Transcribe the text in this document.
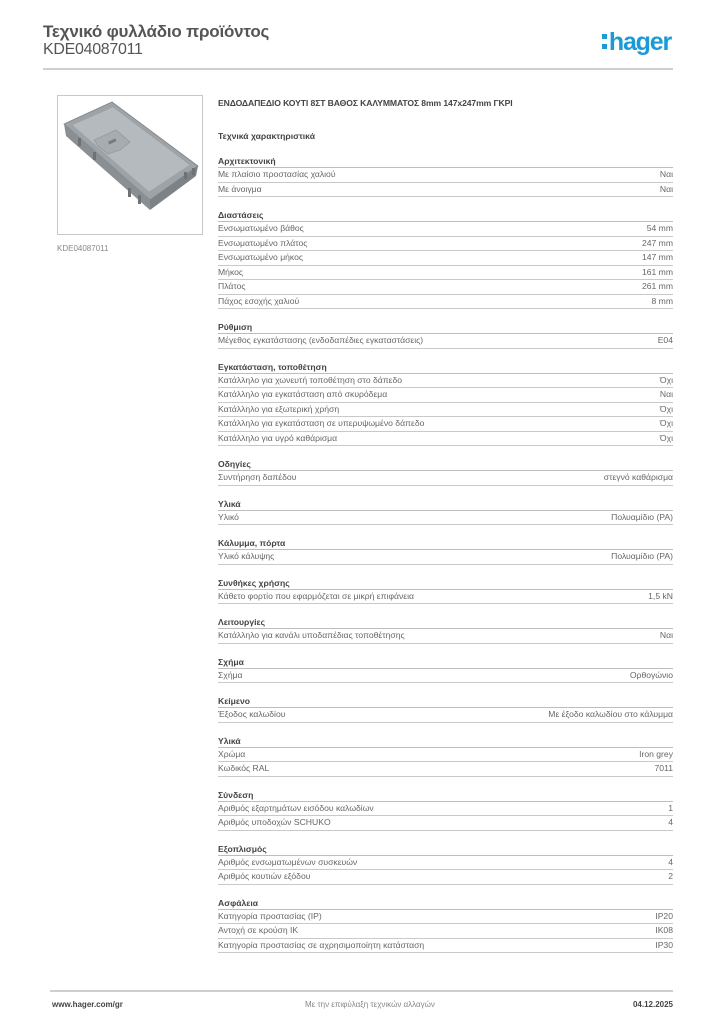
Τεχνικό φυλλάδιο προϊόντος
KDE04087011	hager
KDE04087011
ΕΝΔΟΔΑΠΕΔΙΟ ΚΟΥΤΙ 8ΣΤ ΒΑΘΟΣ ΚΑΛΥΜΜΑΤΟΣ 8mm 147x247mm ΓΚΡΙ
Τεχνικά χαρακτηριστικά
Αρχιτεκτονική
Με πλαίσιο προστασίας χαλιού	Ναι
Με άνοιγμα	Ναι
Διαστάσεις
Ενσωματωμένο βάθος	54 mm
Ενσωματωμένο πλάτος	247 mm
Ενσωματωμένο μήκος	147 mm
Μήκος	161 mm
Πλάτος	261 mm
Πάχος εσοχής χαλιού	8 mm
Ρύθμιση
Μέγεθος εγκατάστασης (ενδοδαπέδιες εγκαταστάσεις)	E04
Εγκατάσταση, τοποθέτηση
Κατάλληλο για χωνευτή τοποθέτηση στο δάπεδο	Όχι
Κατάλληλο για εγκατάσταση από σκυρόδεμα	Ναι
Κατάλληλο για εξωτερική χρήση	Όχι
Κατάλληλο για εγκατάσταση σε υπερυψωμένο δάπεδο	Όχι
Κατάλληλο για υγρό καθάρισμα	Όχι
Οδηγίες
Συντήρηση δαπέδου	στεγνό καθάρισμα
Υλικά
Υλικό	Πολυαμίδιο (PA)
Κάλυμμα, πόρτα
Υλικό κάλυψης	Πολυαμίδιο (PA)
Συνθήκες χρήσης
Κάθετο φορτίο που εφαρμόζεται σε μικρή επιφάνεια	1,5 kN
Λειτουργίες
Κατάλληλο για κανάλι υποδαπέδιας τοποθέτησης	Ναι
Σχήμα
Σχήμα	Ορθογώνιο
Κείμενο
Έξοδος καλωδίου	Με έξοδο καλωδίου στο κάλυμμα
Υλικά
Χρώμα	Iron grey
Κωδικός RAL	7011
Σύνδεση
Αριθμός εξαρτημάτων εισόδου καλωδίων	1
Αριθμός υποδοχών SCHUKO	4
Εξοπλισμός
Αριθμός ενσωματωμένων συσκευών	4
Αριθμός κουτιών εξόδου	2
Ασφάλεια
Κατηγορία προστασίας (IP)	IP20
Αντοχή σε κρούση IK	IK08
Κατηγορία προστασίας σε αχρησιμοποίητη κατάσταση	IP30
www.hager.com/gr	Με την επιφύλαξη τεχνικών αλλαγών	04.12.2025
